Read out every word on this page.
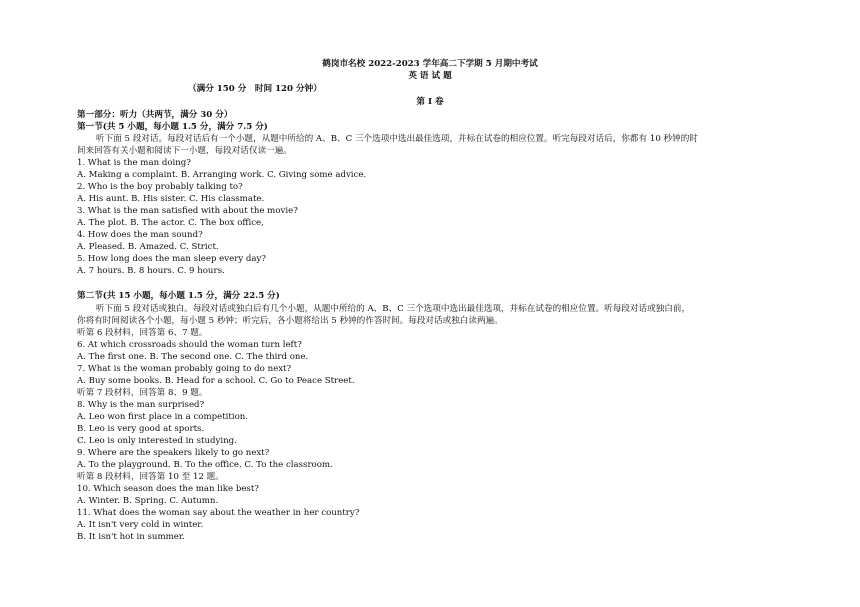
鹤岗市名校 2022-2023 学年高二下学期 5 月期中考试
英 语 试 题
（满分 150 分　时间 120 分钟）
第 I 卷
第一部分：听力（共两节，满分 30 分）
第一节(共 5 小题，每小题 1.5 分，满分 7.5 分)
听下面 5 段对话。每段对话后有一个小题，从题中所给的 A、B、C 三个选项中选出最佳选项，并标在试卷的相应位置。听完每段对话后，你都有 10 秒钟的时
间来回答有关小题和阅读下一小题，每段对话仅读一遍。
1. What is the man doing?
A. Making a complaint. B. Arranging work. C. Giving some advice.
2. Who is the boy probably talking to?
A. His aunt. B. His sister. C. His classmate.
3. What is the man satisfied with about the movie?
A. The plot. B. The actor. C. The box office,
4. How does the man sound?
A. Pleased. B. Amazed. C. Strict.
5. How long does the man sleep every day?
A. 7 hours. B. 8 hours. C. 9 hours.
第二节(共 15 小题，每小题 1.5 分，满分 22.5 分)
听下面 5 段对话或独白。每段对话或独白后有几个小题，从题中所给的 A、B、C 三个选项中选出最佳选项，并标在试卷的相应位置。听每段对话或独白前，
你将有时间阅读各个小题，每小题 5 秒钟；听完后，各小题将给出 5 秒钟的作答时间。每段对话或独白读两遍。
听第 6 段材料，回答第 6、7 题。
6. At which crossroads should the woman turn left?
A. The first one. B. The second one. C. The third one.
7. What is the woman probably going to do next?
A. Buy some books. B. Head for a school. C. Go to Peace Street.
听第 7 段材料，回答第 8、9 题。
8. Why is the man surprised?
A. Leo won first place in a competition.
B. Leo is very good at sports.
C. Leo is only interested in studying.
9. Where are the speakers likely to go next?
A. To the playground. B. To the office. C. To the classroom.
听第 8 段材料，回答第 10 至 12 题。
10. Which season does the man like best?
A. Winter. B. Spring. C. Autumn.
11. What does the woman say about the weather in her country?
A. It isn't very cold in winter.
B. It isn't hot in summer.
